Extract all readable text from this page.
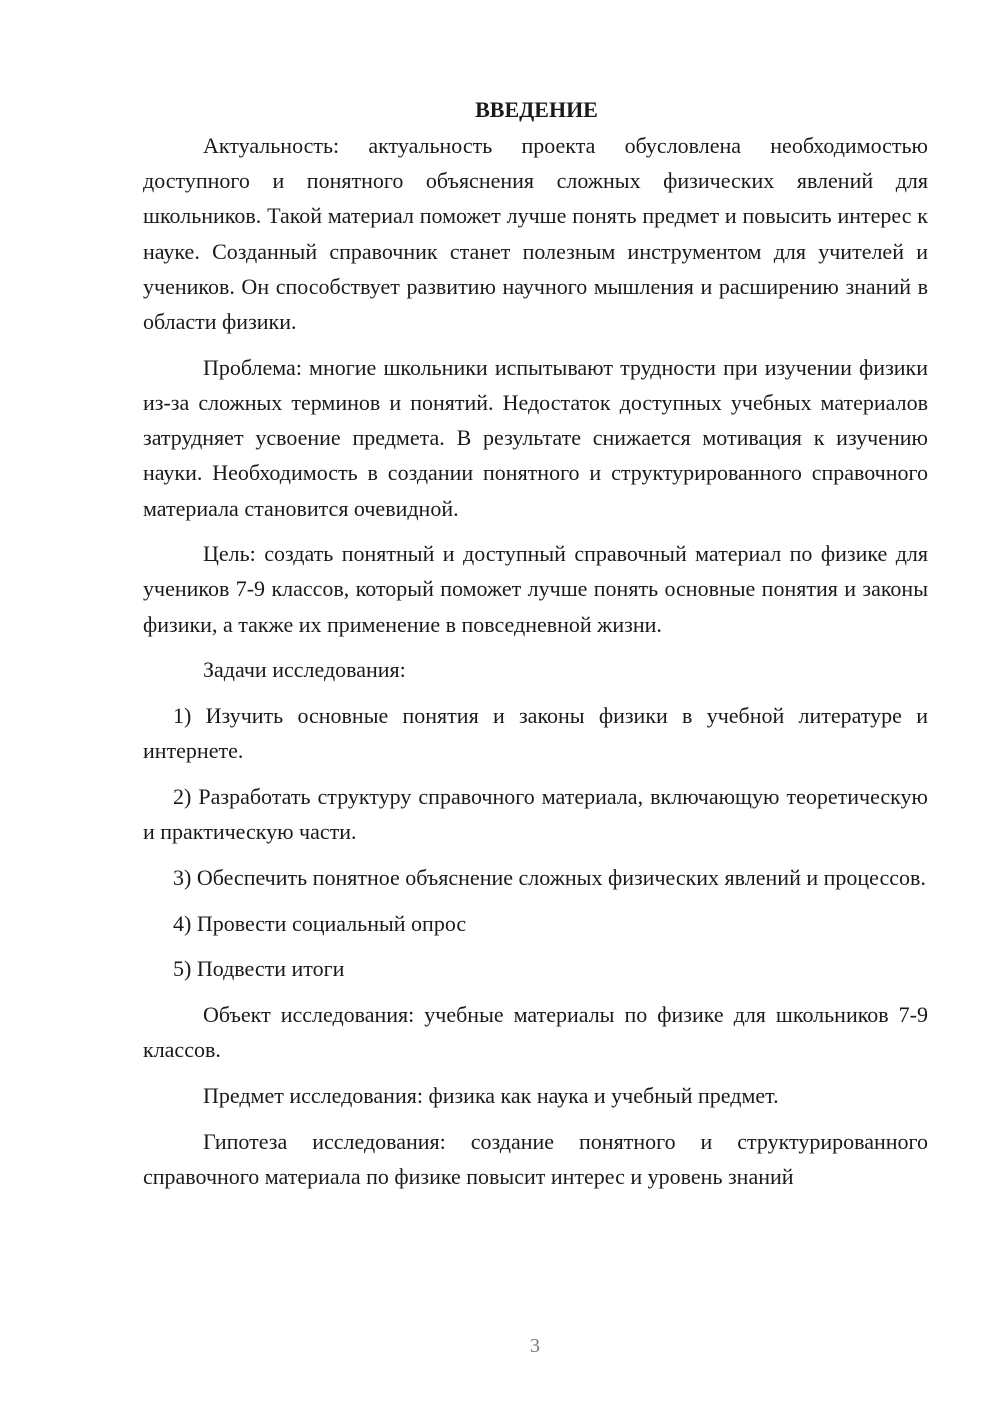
ВВЕДЕНИЕ

Актуальность: актуальность проекта обусловлена необходимостью доступного и понятного объяснения сложных физических явлений для школьников. Такой материал поможет лучше понять предмет и повысить интерес к науке. Созданный справочник станет полезным инструментом для учителей и учеников. Он способствует развитию научного мышления и расширению знаний в области физики.

Проблема: многие школьники испытывают трудности при изучении физики из-за сложных терминов и понятий. Недостаток доступных учебных материалов затрудняет усвоение предмета. В результате снижается мотивация к изучению науки. Необходимость в создании понятного и структурированного справочного материала становится очевидной.

Цель: создать понятный и доступный справочный материал по физике для учеников 7-9 классов, который поможет лучше понять основные понятия и законы физики, а также их применение в повседневной жизни.

Задачи исследования:

1) Изучить основные понятия и законы физики в учебной литературе и интернете.

2) Разработать структуру справочного материала, включающую теоретическую и практическую части.

3) Обеспечить понятное объяснение сложных физических явлений и процессов.

4) Провести социальный опрос

5) Подвести итоги

Объект исследования: учебные материалы по физике для школьников 7-9 классов.

Предмет исследования: физика как наука и учебный предмет.

Гипотеза исследования: создание понятного и структурированного справочного материала по физике повысит интерес и уровень знаний

3
